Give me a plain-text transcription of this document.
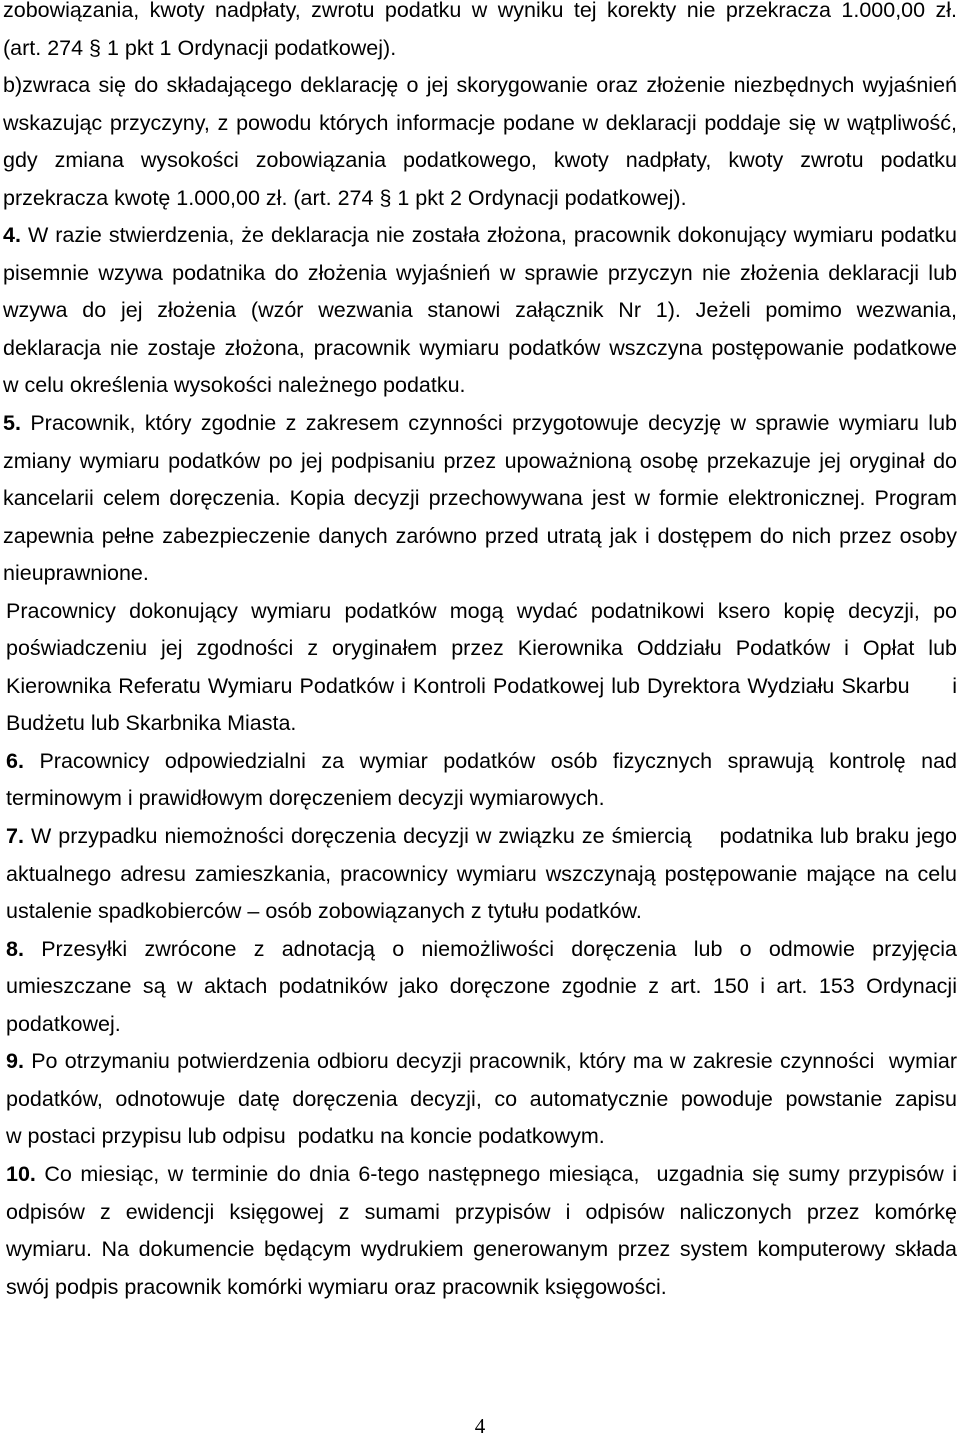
zobowiązania, kwoty nadpłaty, zwrotu podatku w wyniku tej korekty nie przekracza 1.000,00 zł.
(art. 274 § 1 pkt 1 Ordynacji podatkowej).
b)zwraca się do składającego deklarację o jej skorygowanie oraz złożenie niezbędnych wyjaśnień
wskazując przyczyny, z powodu których informacje podane w deklaracji poddaje się w wątpliwość,
gdy zmiana wysokości zobowiązania podatkowego, kwoty nadpłaty, kwoty zwrotu podatku
przekracza kwotę 1.000,00 zł. (art. 274 § 1 pkt 2 Ordynacji podatkowej).
4. W razie stwierdzenia, że deklaracja nie została złożona, pracownik dokonujący wymiaru podatku
pisemnie wzywa podatnika do złożenia wyjaśnień w sprawie przyczyn nie złożenia deklaracji lub
wzywa do jej złożenia (wzór wezwania stanowi załącznik Nr 1). Jeżeli pomimo wezwania,
deklaracja nie zostaje złożona, pracownik wymiaru podatków wszczyna postępowanie podatkowe
w celu określenia wysokości należnego podatku.
5. Pracownik, który zgodnie z zakresem czynności przygotowuje decyzję w sprawie wymiaru lub
zmiany wymiaru podatków po jej podpisaniu przez upoważnioną osobę przekazuje jej oryginał do
kancelarii celem doręczenia. Kopia decyzji przechowywana jest w formie elektronicznej. Program
zapewnia pełne zabezpieczenie danych zarówno przed utratą jak i dostępem do nich przez osoby
nieuprawnione.
Pracownicy dokonujący wymiaru podatków mogą wydać podatnikowi ksero kopię decyzji, po
poświadczeniu jej zgodności z oryginałem przez Kierownika Oddziału Podatków i Opłat lub
Kierownika Referatu Wymiaru Podatków i Kontroli Podatkowej lub Dyrektora Wydziału Skarbu      i
Budżetu lub Skarbnika Miasta.
6. Pracownicy odpowiedzialni za wymiar podatków osób fizycznych sprawują kontrolę nad
terminowym i prawidłowym doręczeniem decyzji wymiarowych.
7. W przypadku niemożności doręczenia decyzji w związku ze śmiercią    podatnika lub braku jego
aktualnego adresu zamieszkania, pracownicy wymiaru wszczynają postępowanie mające na celu
ustalenie spadkobierców – osób zobowiązanych z tytułu podatków.
8. Przesyłki zwrócone z adnotacją o niemożliwości doręczenia lub o odmowie przyjęcia
umieszczane są w aktach podatników jako doręczone zgodnie z art. 150 i art. 153 Ordynacji
podatkowej.
9. Po otrzymaniu potwierdzenia odbioru decyzji pracownik, który ma w zakresie czynności  wymiar
podatków, odnotowuje datę doręczenia decyzji, co automatycznie powoduje powstanie zapisu
w postaci przypisu lub odpisu  podatku na koncie podatkowym.
10. Co miesiąc, w terminie do dnia 6-tego następnego miesiąca,  uzgadnia się sumy przypisów i
odpisów z ewidencji księgowej z sumami przypisów i odpisów naliczonych przez komórkę
wymiaru. Na dokumencie będącym wydrukiem generowanym przez system komputerowy składa
swój podpis pracownik komórki wymiaru oraz pracownik księgowości.
4
